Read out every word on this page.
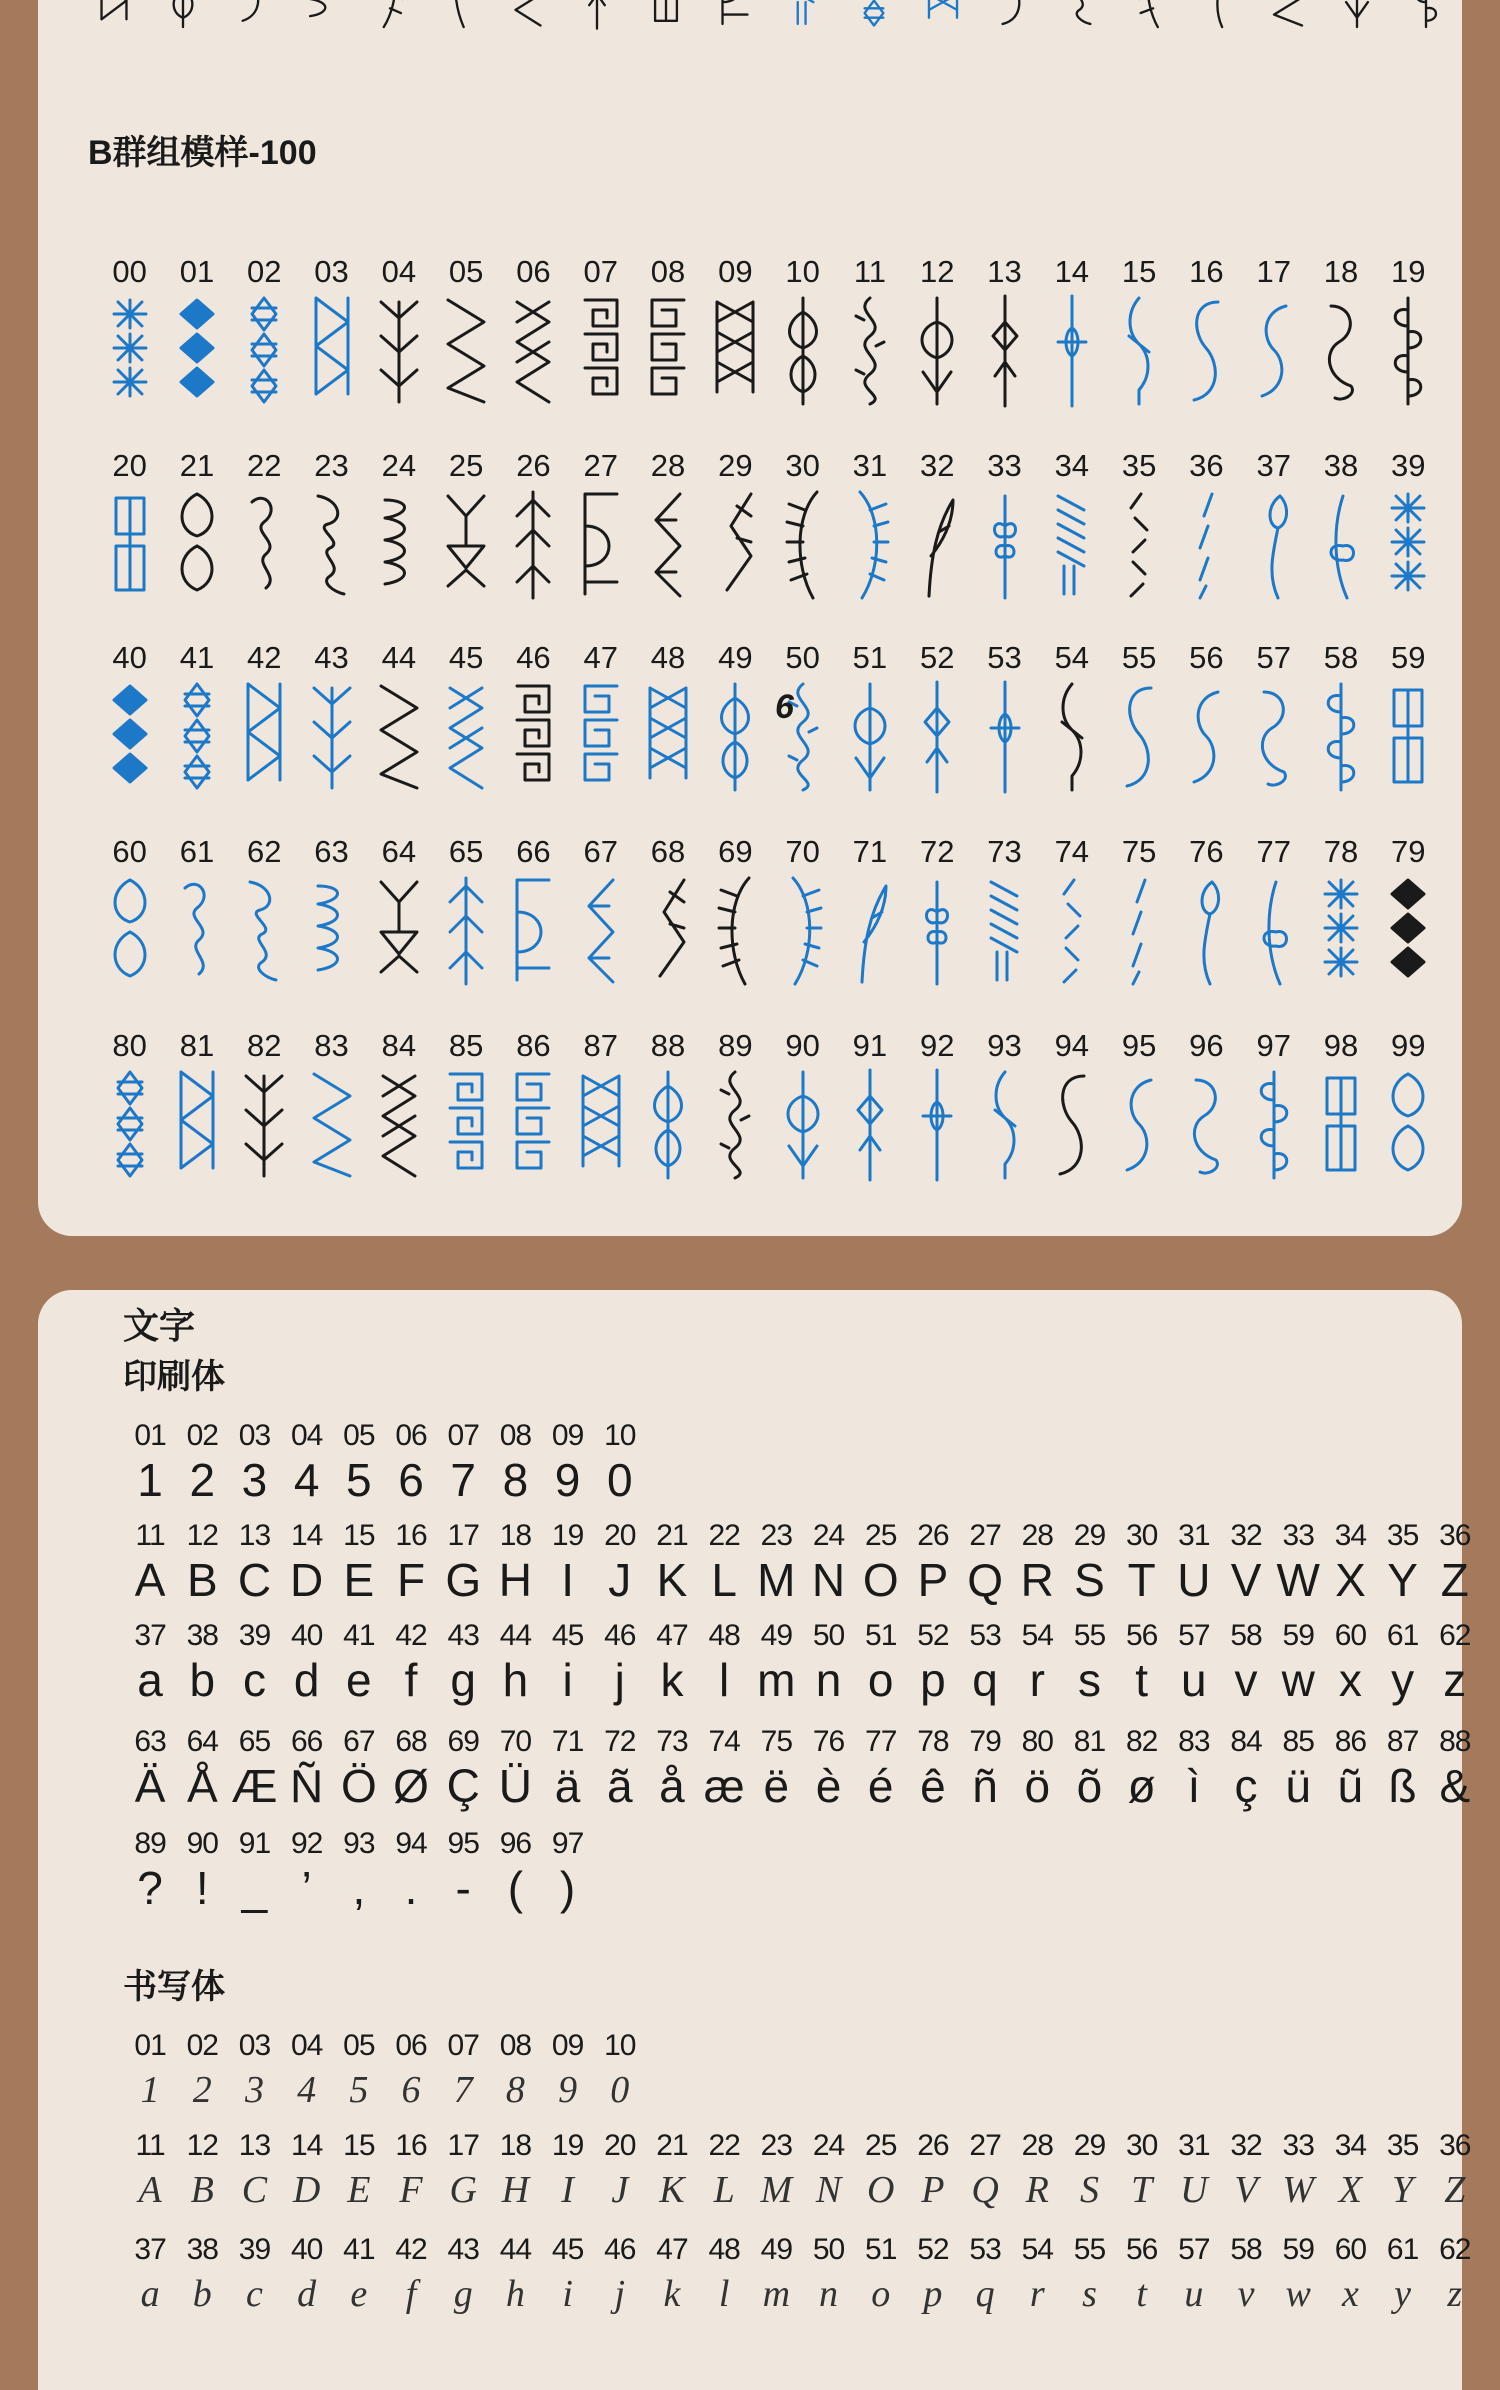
B群组模样-100
00	01	02	03	04	05	06	07	08	09	10	11	12	13	14	15	16	17	18	19
20	21	22	23	24	25	26	27	28	29	30	31	32	33	34	35	36	37	38	39
40	41	42	43	44	45	46	47	48	49	50	51	52	53	54	55	56	57	58	59
60	61	62	63	64	65	66	67	68	69	70	71	72	73	74	75	76	77	78	79
80	81	82	83	84	85	86	87	88	89	90	91	92	93	94	95	96	97	98	99
6
文字
印刷体
01 02 03 04 05 06 07 08 09 10
1 2 3 4 5 6 7 8 9 0
11 12 13 14 15 16 17 18 19 20 21 22 23 24 25 26 27 28 29 30 31 32 33 34 35 36
A B C D E F G H I J K L M N O P Q R S T U V W X Y Z
37 38 39 40 41 42 43 44 45 46 47 48 49 50 51 52 53 54 55 56 57 58 59 60 61 62
a b c d e f g h i j k l m n o p q r s t u v w x y z
63 64 65 66 67 68 69 70 71 72 73 74 75 76 77 78 79 80 81 82 83 84 85 86 87 88
Ä Å Æ Ñ Ö Ø Ç Ü ä ã å æ ë è é ê ñ ö õ ø ì ç ü ũ ß &
89 90 91 92 93 94 95 96 97
? ! _ ’ , . - ( )
书写体
01 02 03 04 05 06 07 08 09 10
1 2 3 4 5 6 7 8 9 0
11 12 13 14 15 16 17 18 19 20 21 22 23 24 25 26 27 28 29 30 31 32 33 34 35 36
A B C D E F G H I J K L M N O P Q R S T U V W X Y Z
37 38 39 40 41 42 43 44 45 46 47 48 49 50 51 52 53 54 55 56 57 58 59 60 61 62
a b c d e	f g h i	j	k	l m n o p q r s	t u v w x y z
